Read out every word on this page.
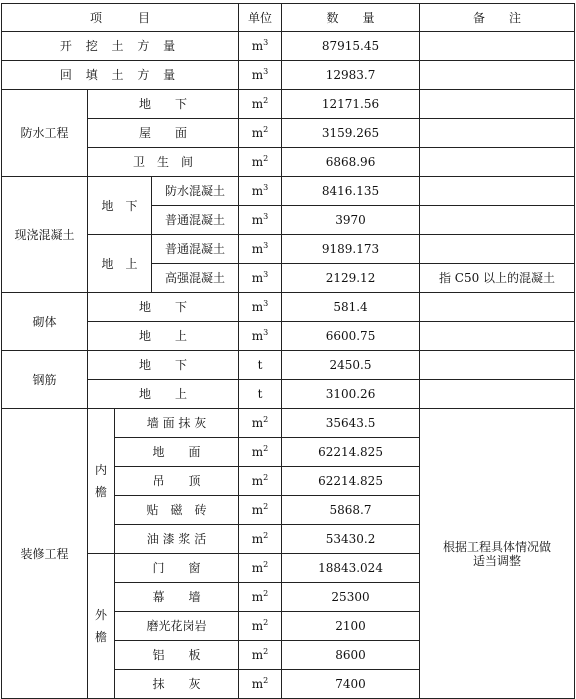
项　　　目				单位	数　　量	备　　注
开 挖 土 方 量				$m^3$	87915.45	
回 填 土 方 量				$m^3$	12983.7	
防水工程	地　　下			$m^2$	12171.56	
	屋　　面			$m^2$	3159.265	
	卫　生　间			$m^2$	6868.96	
现浇混凝土	地　下		防水混凝土	$m^3$	8416.135	
			普通混凝土	$m^3$	3970	
	地　上		普通混凝土	$m^3$	9189.173	
			高强混凝土	$m^3$	2129.12	指 C50 以上的混凝土
砌体	地　　下			$m^3$	581.4	
	地　　上			$m^3$	6600.75	
钢筋	地　　下			t	2450.5	
	地　　上			t	3100.26	
装修工程	内檐	墙 面 抹 灰		$m^2$	35643.5	根据工程具体情况做适当调整
		地　　面		$m^2$	62214.825	
		吊　　顶		$m^2$	62214.825	
		贴　磁　砖		$m^2$	5868.7	
		油 漆 浆 活		$m^2$	53430.2	
	外檐	门　　窗		$m^2$	18843.024	
		幕　　墙		$m^2$	25300	
		磨光花岗岩		$m^2$	2100	
		铝　　板		$m^2$	8600	
		抹　　灰		$m^2$	7400	
